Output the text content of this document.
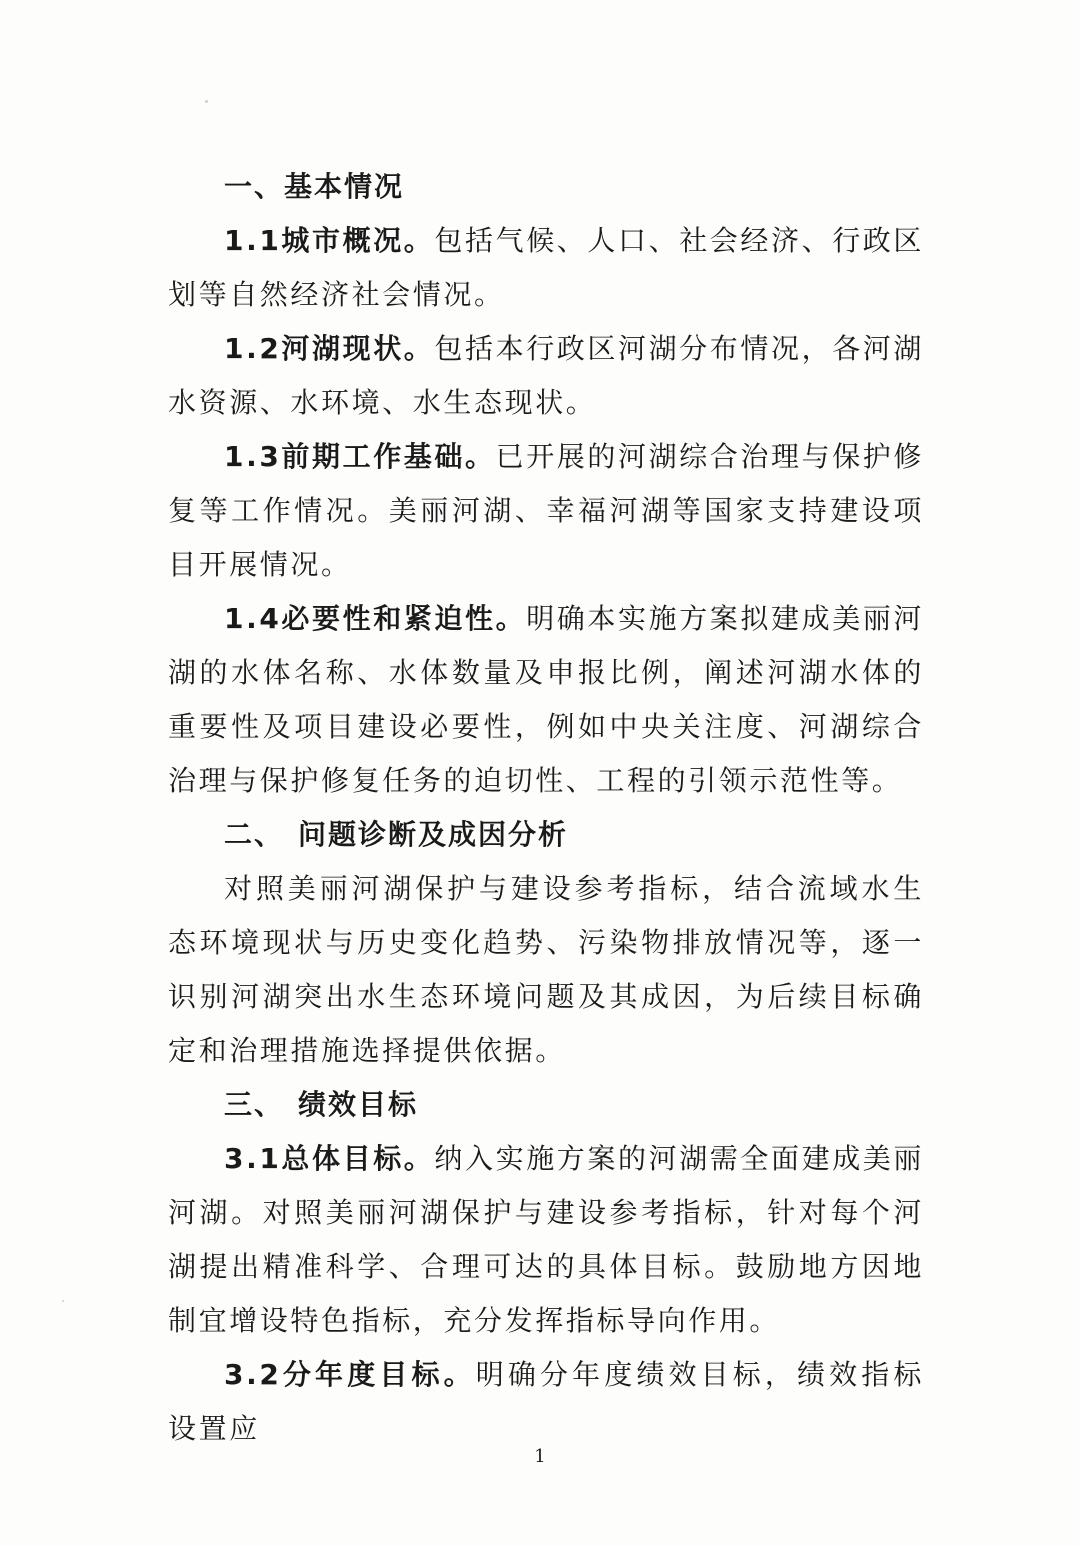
一、基本情况

1.1城市概况。包括气候、人口、社会经济、行政区划等自然经济社会情况。

1.2河湖现状。包括本行政区河湖分布情况，各河湖水资源、水环境、水生态现状。

1.3前期工作基础。已开展的河湖综合治理与保护修复等工作情况。美丽河湖、幸福河湖等国家支持建设项目开展情况。

1.4必要性和紧迫性。明确本实施方案拟建成美丽河湖的水体名称、水体数量及申报比例，阐述河湖水体的重要性及项目建设必要性，例如中央关注度、河湖综合治理与保护修复任务的迫切性、工程的引领示范性等。

二、 问题诊断及成因分析

对照美丽河湖保护与建设参考指标，结合流域水生态环境现状与历史变化趋势、污染物排放情况等，逐一识别河湖突出水生态环境问题及其成因，为后续目标确定和治理措施选择提供依据。

三、 绩效目标

3.1总体目标。纳入实施方案的河湖需全面建成美丽河湖。对照美丽河湖保护与建设参考指标，针对每个河湖提出精准科学、合理可达的具体目标。鼓励地方因地制宜增设特色指标，充分发挥指标导向作用。

3.2分年度目标。明确分年度绩效目标，绩效指标设置应

1
